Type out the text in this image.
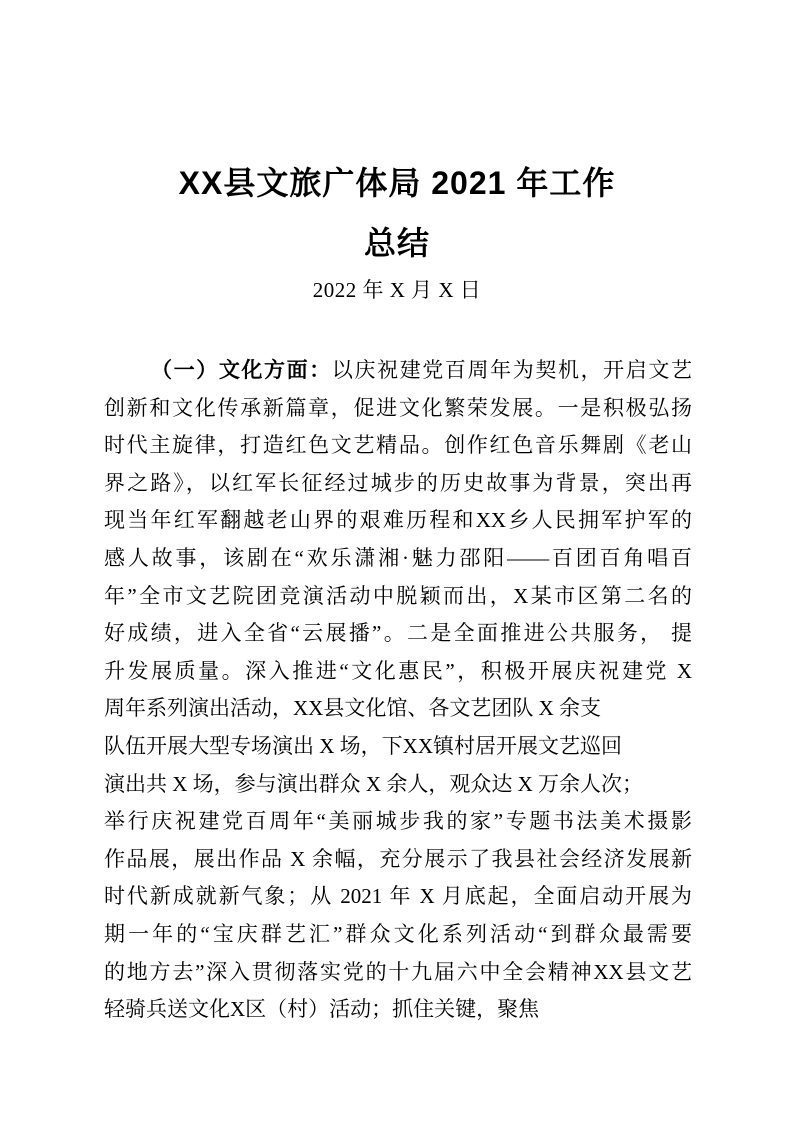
XX县文旅广体局 2021 年工作
总结
2022 年 X 月 X 日
（一）文化方面：以庆祝建党百周年为契机，开启文艺
创新和文化传承新篇章，促进文化繁荣发展。一是积极弘扬
时代主旋律，打造红色文艺精品。创作红色音乐舞剧《老山
界之路》，以红军长征经过城步的历史故事为背景，突出再
现当年红军翻越老山界的艰难历程和XX乡人民拥军护军的
感人故事，该剧在“欢乐潇湘·魅力邵阳——百团百角唱百
年”全市文艺院团竞演活动中脱颖而出，X某市区第二名的
好成绩，进入全省“云展播”。二是全面推进公共服务， 提
升发展质量。深入推进“文化惠民”，积极开展庆祝建党 X
周年系列演出活动，XX县文化馆、各文艺团队 X 余支
队伍开展大型专场演出 X 场，下XX镇村居开展文艺巡回
演出共 X 场，参与演出群众 X 余人，观众达 X 万余人次；
举行庆祝建党百周年“美丽城步我的家”专题书法美术摄影
作品展，展出作品 X 余幅，充分展示了我县社会经济发展新
时代新成就新气象；从 2021 年 X 月底起，全面启动开展为
期一年的“宝庆群艺汇”群众文化系列活动“到群众最需要
的地方去”深入贯彻落实党的十九届六中全会精神XX县文艺
轻骑兵送文化X区（村）活动；抓住关键，聚焦
